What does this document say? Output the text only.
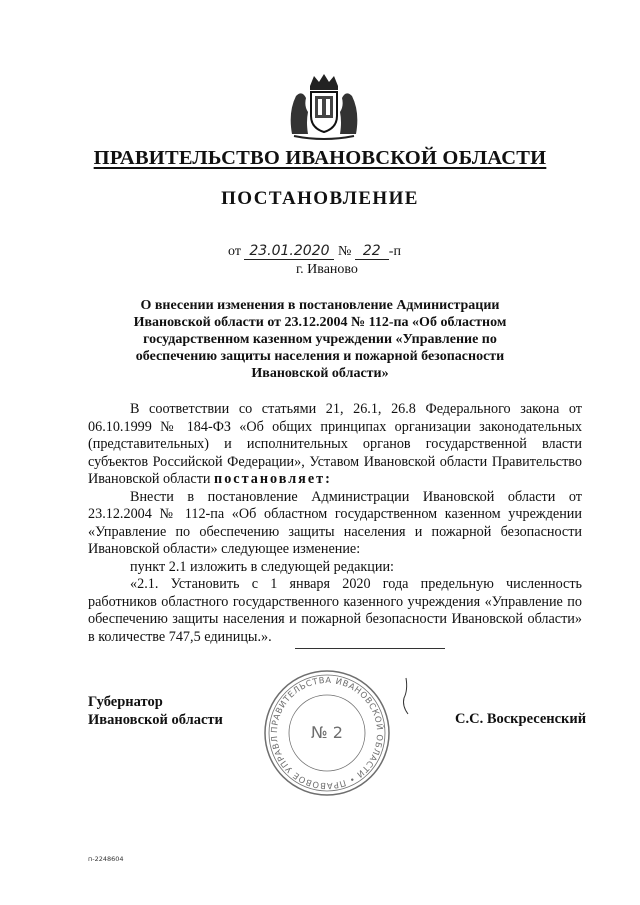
ПРАВИТЕЛЬСТВО ИВАНОВСКОЙ ОБЛАСТИ
ПОСТАНОВЛЕНИЕ
от 23.01.2020 № 22 -п
г. Иваново
О внесении изменения в постановление Администрации Ивановской области от 23.12.2004 № 112-па «Об областном государственном казенном учреждении «Управление по обеспечению защиты населения и пожарной безопасности Ивановской области»

В соответствии со статьями 21, 26.1, 26.8 Федерального закона от 06.10.1999 № 184-ФЗ «Об общих принципах организации законодательных (представительных) и исполнительных органов государственной власти субъектов Российской Федерации», Уставом Ивановской области Правительство Ивановской области постановляет:

Внести в постановление Администрации Ивановской области от 23.12.2004 № 112-па «Об областном государственном казенном учреждении «Управление по обеспечению защиты населения и пожарной безопасности Ивановской области» следующее изменение:

пункт 2.1 изложить в следующей редакции:

«2.1. Установить с 1 января 2020 года предельную численность работников областного государственного казенного учреждения «Управление по обеспечению защиты населения и пожарной безопасности Ивановской области» в количестве 747,5 единицы.».

Губернатор
Ивановской области
ПРАВИТЕЛЬСТВА ИВАНОВСКОЙ ОБЛАСТИ • ПРАВОВОЕ УПРАВЛ	№ 2
С.С. Воскресенский
п-2248604
